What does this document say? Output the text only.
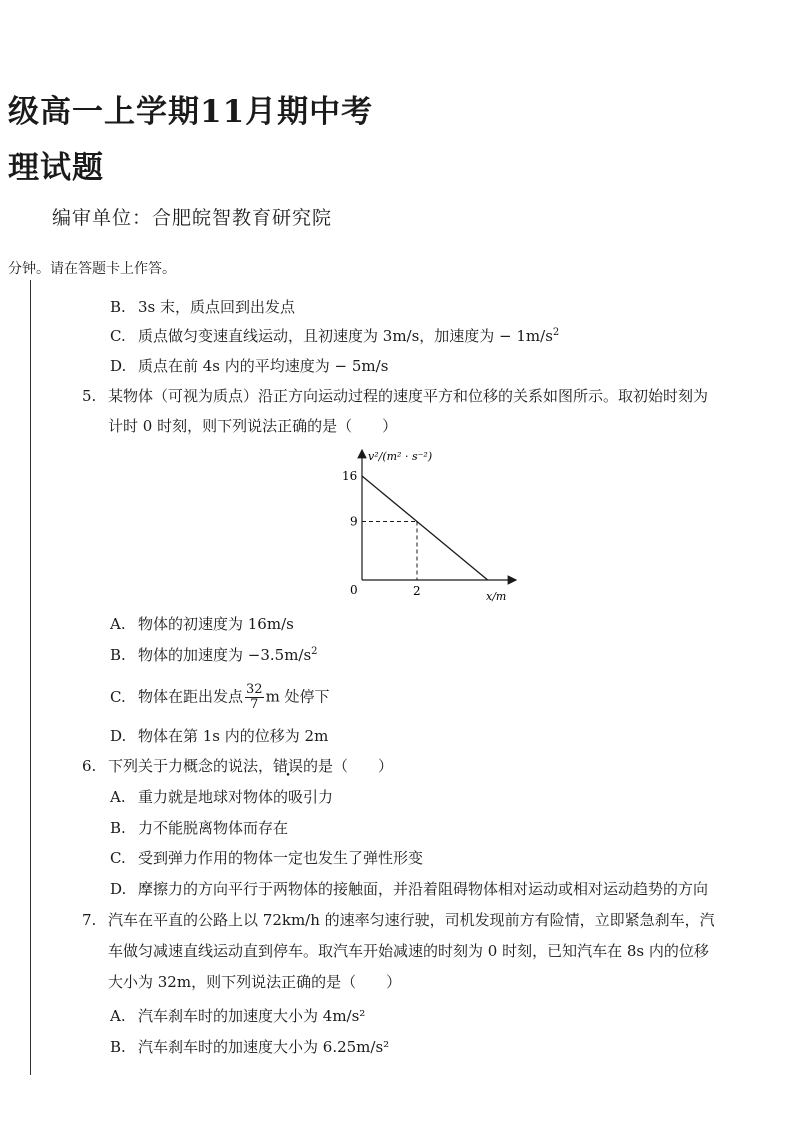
级高一上学期11月期中考
理试题
编审单位：合肥皖智教育研究院
分钟。请在答题卡上作答。
B. 3s 末，质点回到出发点
C. 质点做匀变速直线运动，且初速度为 3m/s，加速度为 − $1m/s^2$
D. 质点在前 4s 内的平均速度为 − 5m/s
5. 某物体（可视为质点）沿正方向运动过程的速度平方和位移的关系如图所示。取初始时刻为
计时 0 时刻，则下列说法正确的是（　　）
v²/(m² · s⁻²)
x/m
16
9
0	2
A. 物体的初速度为 16m/s
B. 物体的加速度为 $-3.5m/s^2$
C. 物体在距出发点 $\frac{32}{7}$ m 处停下
D. 物体在第 1s 内的位移为 2m
6. 下列关于力概念的说法，错误的是（　　）
A. 重力就是地球对物体的吸引力
B. 力不能脱离物体而存在
C. 受到弹力作用的物体一定也发生了弹性形变
D. 摩擦力的方向平行于两物体的接触面，并沿着阻碍物体相对运动或相对运动趋势的方向
7. 汽车在平直的公路上以 72km/h 的速率匀速行驶，司机发现前方有险情，立即紧急刹车，汽
车做匀减速直线运动直到停车。取汽车开始减速的时刻为 0 时刻，已知汽车在 8s 内的位移
大小为 32m，则下列说法正确的是（　　）
A. 汽车刹车时的加速度大小为 4m/s²
B. 汽车刹车时的加速度大小为 6.25m/s²
